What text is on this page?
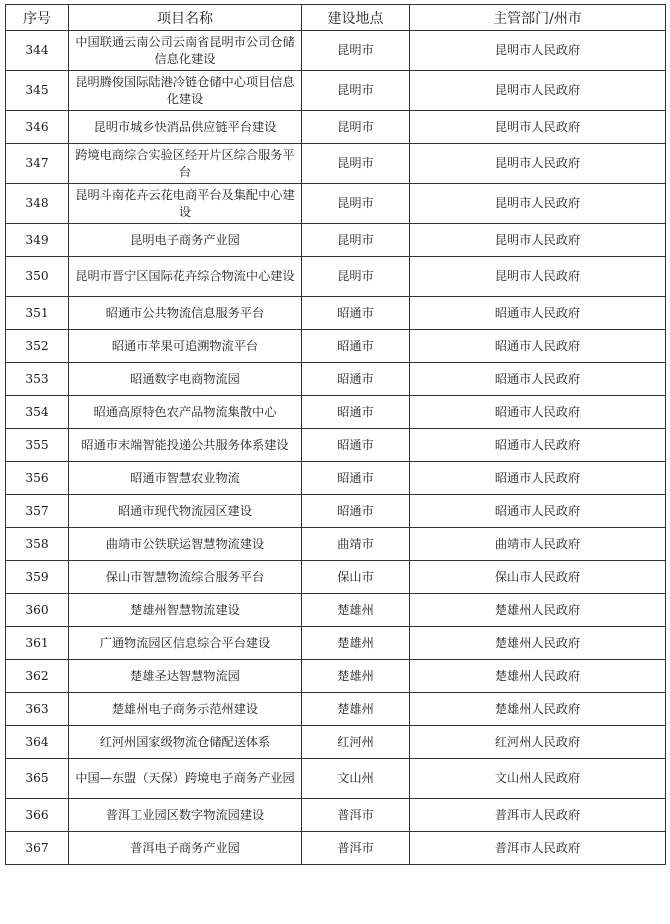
序号	项目名称	建设地点	主管部门/州市
344	中国联通云南公司云南省昆明市公司仓储信息化建设	昆明市	昆明市人民政府
345	昆明腾俊国际陆港冷链仓储中心项目信息化建设	昆明市	昆明市人民政府
346	昆明市城乡快消品供应链平台建设	昆明市	昆明市人民政府
347	跨境电商综合实验区经开片区综合服务平台	昆明市	昆明市人民政府
348	昆明斗南花卉云花电商平台及集配中心建设	昆明市	昆明市人民政府
349	昆明电子商务产业园	昆明市	昆明市人民政府
350	昆明市晋宁区国际花卉综合物流中心建设	昆明市	昆明市人民政府
351	昭通市公共物流信息服务平台	昭通市	昭通市人民政府
352	昭通市苹果可追溯物流平台	昭通市	昭通市人民政府
353	昭通数字电商物流园	昭通市	昭通市人民政府
354	昭通高原特色农产品物流集散中心	昭通市	昭通市人民政府
355	昭通市末端智能投递公共服务体系建设	昭通市	昭通市人民政府
356	昭通市智慧农业物流	昭通市	昭通市人民政府
357	昭通市现代物流园区建设	昭通市	昭通市人民政府
358	曲靖市公铁联运智慧物流建设	曲靖市	曲靖市人民政府
359	保山市智慧物流综合服务平台	保山市	保山市人民政府
360	楚雄州智慧物流建设	楚雄州	楚雄州人民政府
361	广通物流园区信息综合平台建设	楚雄州	楚雄州人民政府
362	楚雄圣达智慧物流园	楚雄州	楚雄州人民政府
363	楚雄州电子商务示范州建设	楚雄州	楚雄州人民政府
364	红河州国家级物流仓储配送体系	红河州	红河州人民政府
365	中国—东盟（天保）跨境电子商务产业园	文山州	文山州人民政府
366	普洱工业园区数字物流园建设	普洱市	普洱市人民政府
367	普洱电子商务产业园	普洱市	普洱市人民政府
